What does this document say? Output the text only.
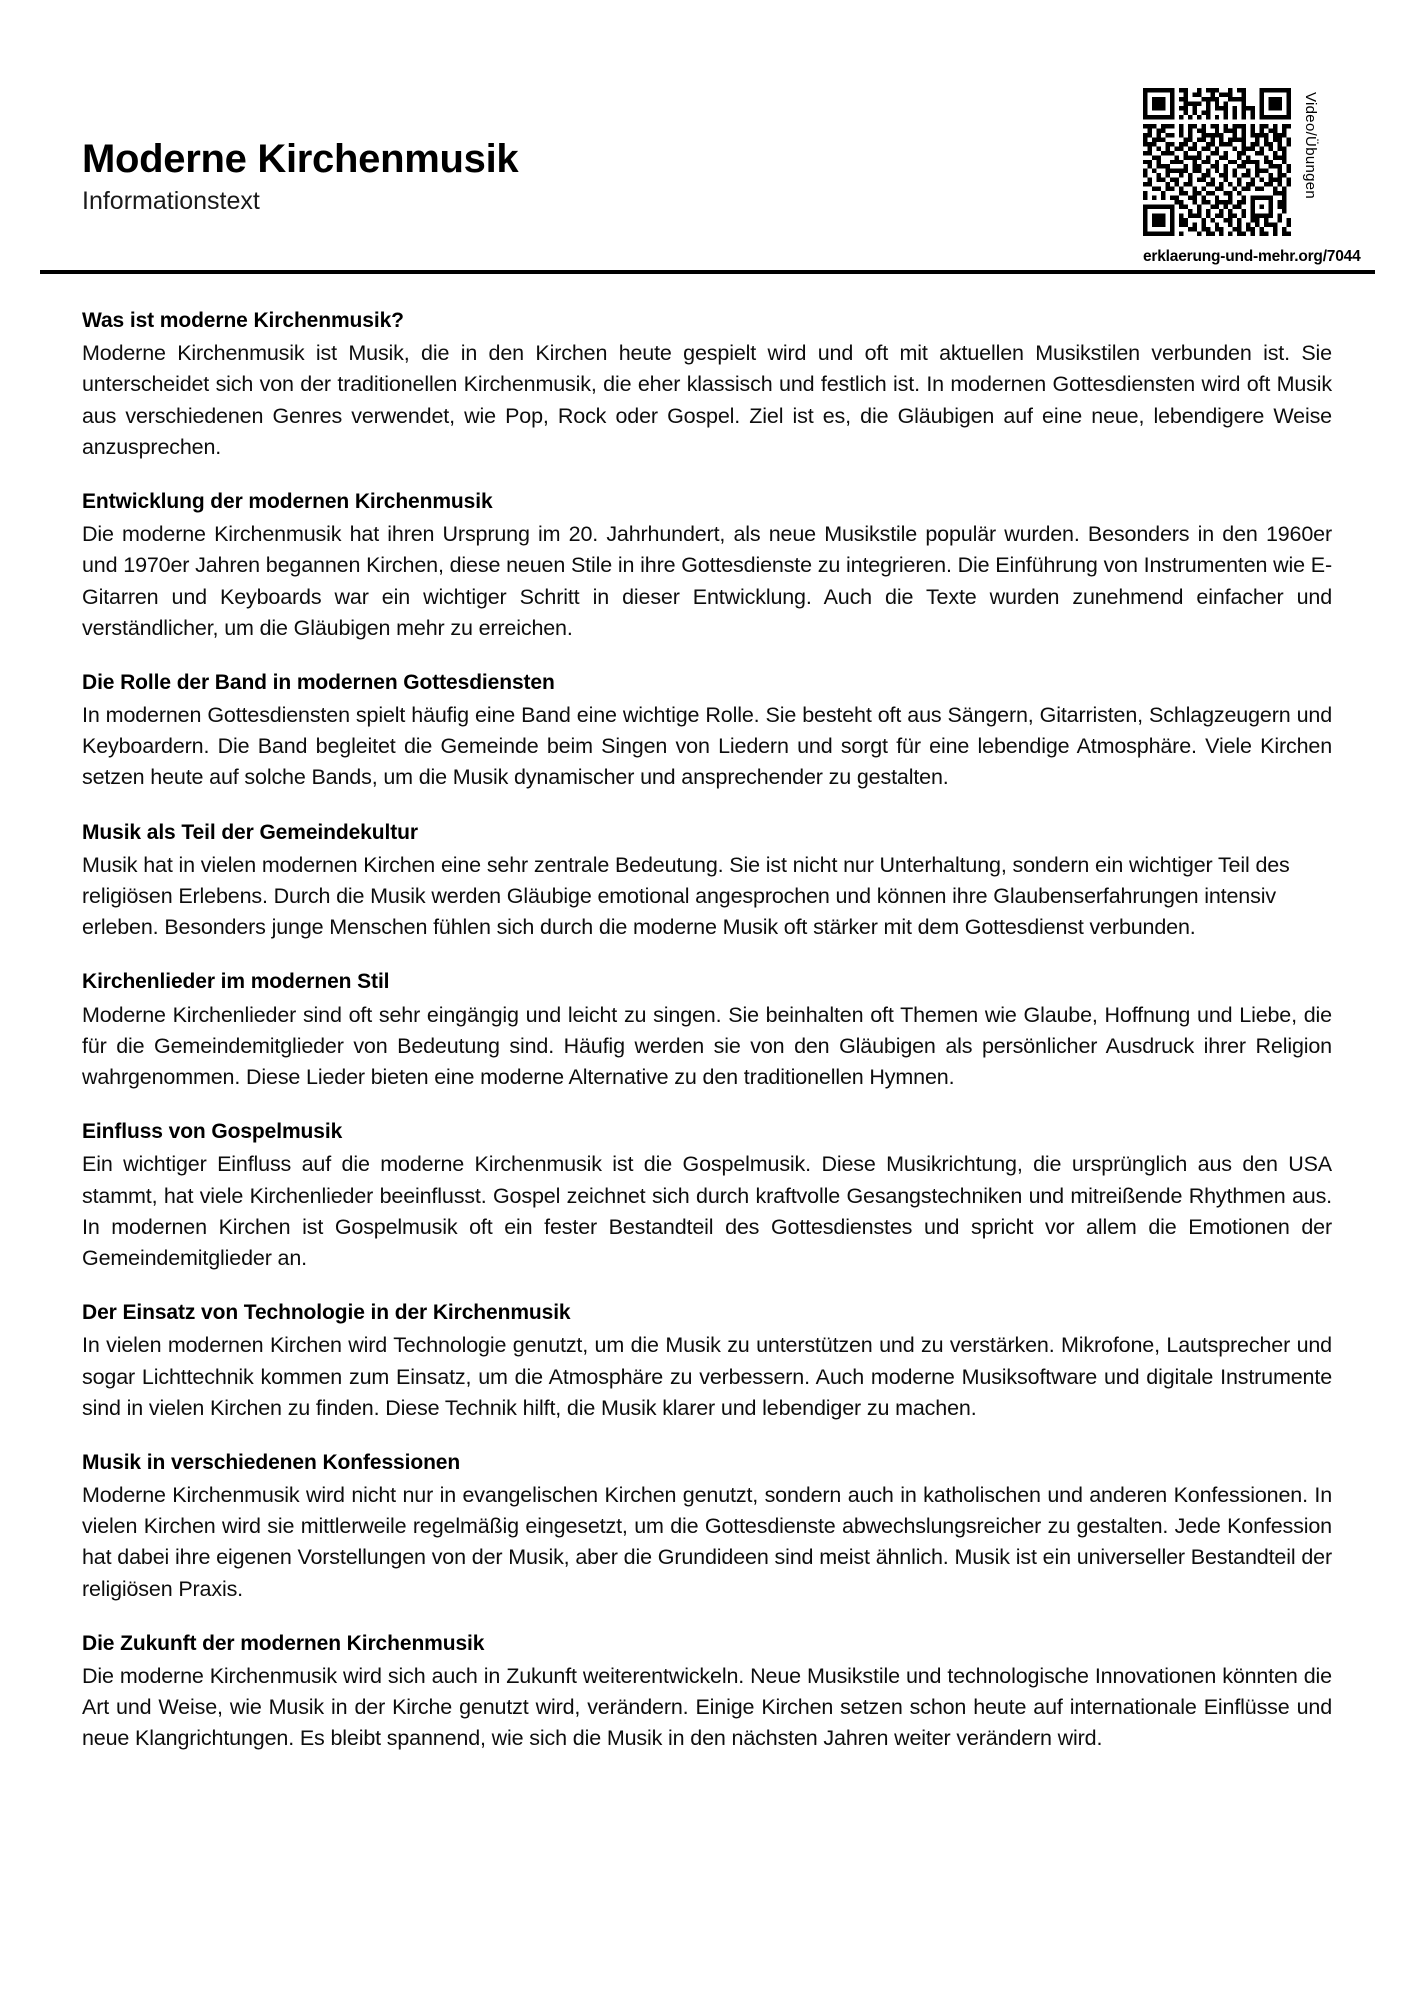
Moderne Kirchenmusik
Informationstext
Video/Übungen
erklaerung-und-mehr.org/7044
Was ist moderne Kirchenmusik?

Moderne Kirchenmusik ist Musik, die in den Kirchen heute gespielt wird und oft mit aktuellen Musikstilen verbunden ist. Sie unterscheidet sich von der traditionellen Kirchenmusik, die eher klassisch und festlich ist. In modernen Gottesdiensten wird oft Musik aus verschiedenen Genres verwendet, wie Pop, Rock oder Gospel. Ziel ist es, die Gläubigen auf eine neue, lebendigere Weise anzusprechen.

Entwicklung der modernen Kirchenmusik

Die moderne Kirchenmusik hat ihren Ursprung im 20. Jahrhundert, als neue Musikstile populär wurden. Besonders in den 1960er und 1970er Jahren begannen Kirchen, diese neuen Stile in ihre Gottesdienste zu integrieren. Die Einführung von Instrumenten wie E-Gitarren und Keyboards war ein wichtiger Schritt in dieser Entwicklung. Auch die Texte wurden zunehmend einfacher und verständlicher, um die Gläubigen mehr zu erreichen.

Die Rolle der Band in modernen Gottesdiensten

In modernen Gottesdiensten spielt häufig eine Band eine wichtige Rolle. Sie besteht oft aus Sängern, Gitarristen, Schlagzeugern und Keyboardern. Die Band begleitet die Gemeinde beim Singen von Liedern und sorgt für eine lebendige Atmosphäre. Viele Kirchen setzen heute auf solche Bands, um die Musik dynamischer und ansprechender zu gestalten.

Musik als Teil der Gemeindekultur

Musik hat in vielen modernen Kirchen eine sehr zentrale Bedeutung. Sie ist nicht nur Unterhaltung, sondern ein wichtiger Teil des religiösen Erlebens. Durch die Musik werden Gläubige emotional angesprochen und können ihre Glaubenserfahrungen intensiv erleben. Besonders junge Menschen fühlen sich durch die moderne Musik oft stärker mit dem Gottesdienst verbunden.

Kirchenlieder im modernen Stil

Moderne Kirchenlieder sind oft sehr eingängig und leicht zu singen. Sie beinhalten oft Themen wie Glaube, Hoffnung und Liebe, die für die Gemeindemitglieder von Bedeutung sind. Häufig werden sie von den Gläubigen als persönlicher Ausdruck ihrer Religion wahrgenommen. Diese Lieder bieten eine moderne Alternative zu den traditionellen Hymnen.

Einfluss von Gospelmusik

Ein wichtiger Einfluss auf die moderne Kirchenmusik ist die Gospelmusik. Diese Musikrichtung, die ursprünglich aus den USA stammt, hat viele Kirchenlieder beeinflusst. Gospel zeichnet sich durch kraftvolle Gesangstechniken und mitreißende Rhythmen aus. In modernen Kirchen ist Gospelmusik oft ein fester Bestandteil des Gottesdienstes und spricht vor allem die Emotionen der Gemeindemitglieder an.

Der Einsatz von Technologie in der Kirchenmusik

In vielen modernen Kirchen wird Technologie genutzt, um die Musik zu unterstützen und zu verstärken. Mikrofone, Lautsprecher und sogar Lichttechnik kommen zum Einsatz, um die Atmosphäre zu verbessern. Auch moderne Musiksoftware und digitale Instrumente sind in vielen Kirchen zu finden. Diese Technik hilft, die Musik klarer und lebendiger zu machen.

Musik in verschiedenen Konfessionen

Moderne Kirchenmusik wird nicht nur in evangelischen Kirchen genutzt, sondern auch in katholischen und anderen Konfessionen. In vielen Kirchen wird sie mittlerweile regelmäßig eingesetzt, um die Gottesdienste abwechslungsreicher zu gestalten. Jede Konfession hat dabei ihre eigenen Vorstellungen von der Musik, aber die Grundideen sind meist ähnlich. Musik ist ein universeller Bestandteil der religiösen Praxis.

Die Zukunft der modernen Kirchenmusik

Die moderne Kirchenmusik wird sich auch in Zukunft weiterentwickeln. Neue Musikstile und technologische Innovationen könnten die Art und Weise, wie Musik in der Kirche genutzt wird, verändern. Einige Kirchen setzen schon heute auf internationale Einflüsse und neue Klangrichtungen. Es bleibt spannend, wie sich die Musik in den nächsten Jahren weiter verändern wird.
